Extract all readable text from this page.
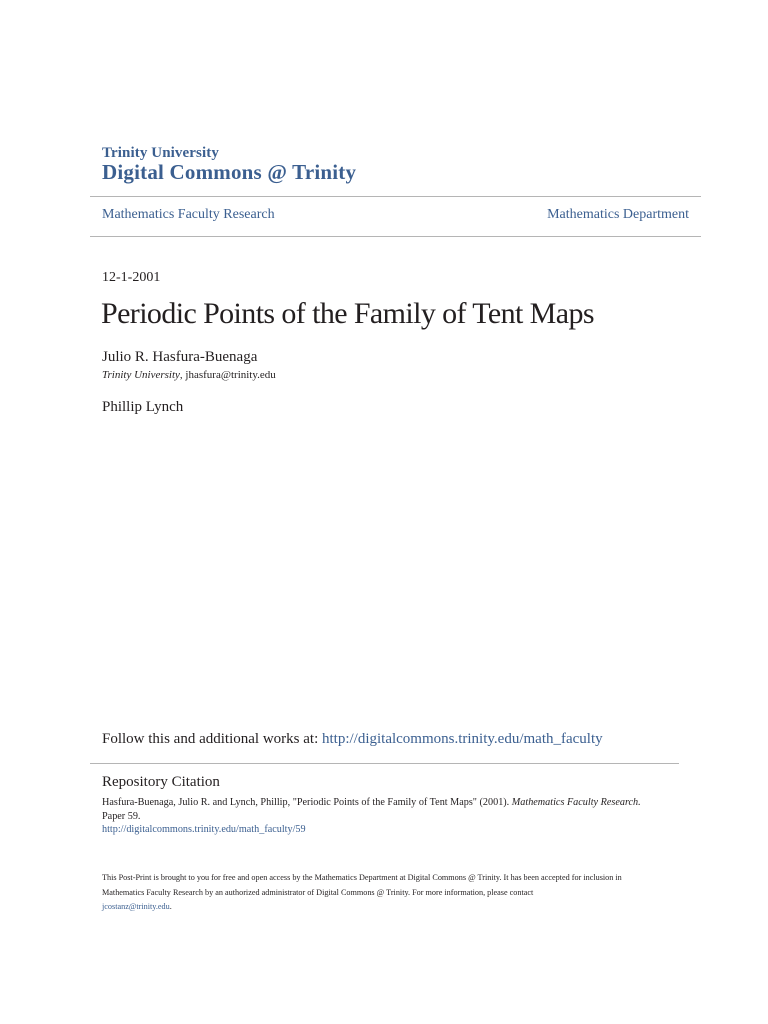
Trinity University
Digital Commons @ Trinity
Mathematics Faculty Research	Mathematics Department
12-1-2001
Periodic Points of the Family of Tent Maps
Julio R. Hasfura-Buenaga
Trinity University, jhasfura@trinity.edu
Phillip Lynch
Follow this and additional works at: http://digitalcommons.trinity.edu/math_faculty
Repository Citation
Hasfura-Buenaga, Julio R. and Lynch, Phillip, "Periodic Points of the Family of Tent Maps" (2001). Mathematics Faculty Research.
Paper 59.
http://digitalcommons.trinity.edu/math_faculty/59
This Post-Print is brought to you for free and open access by the Mathematics Department at Digital Commons @ Trinity. It has been accepted for inclusion in Mathematics Faculty Research by an authorized administrator of Digital Commons @ Trinity. For more information, please contact
jcostanz@trinity.edu.
